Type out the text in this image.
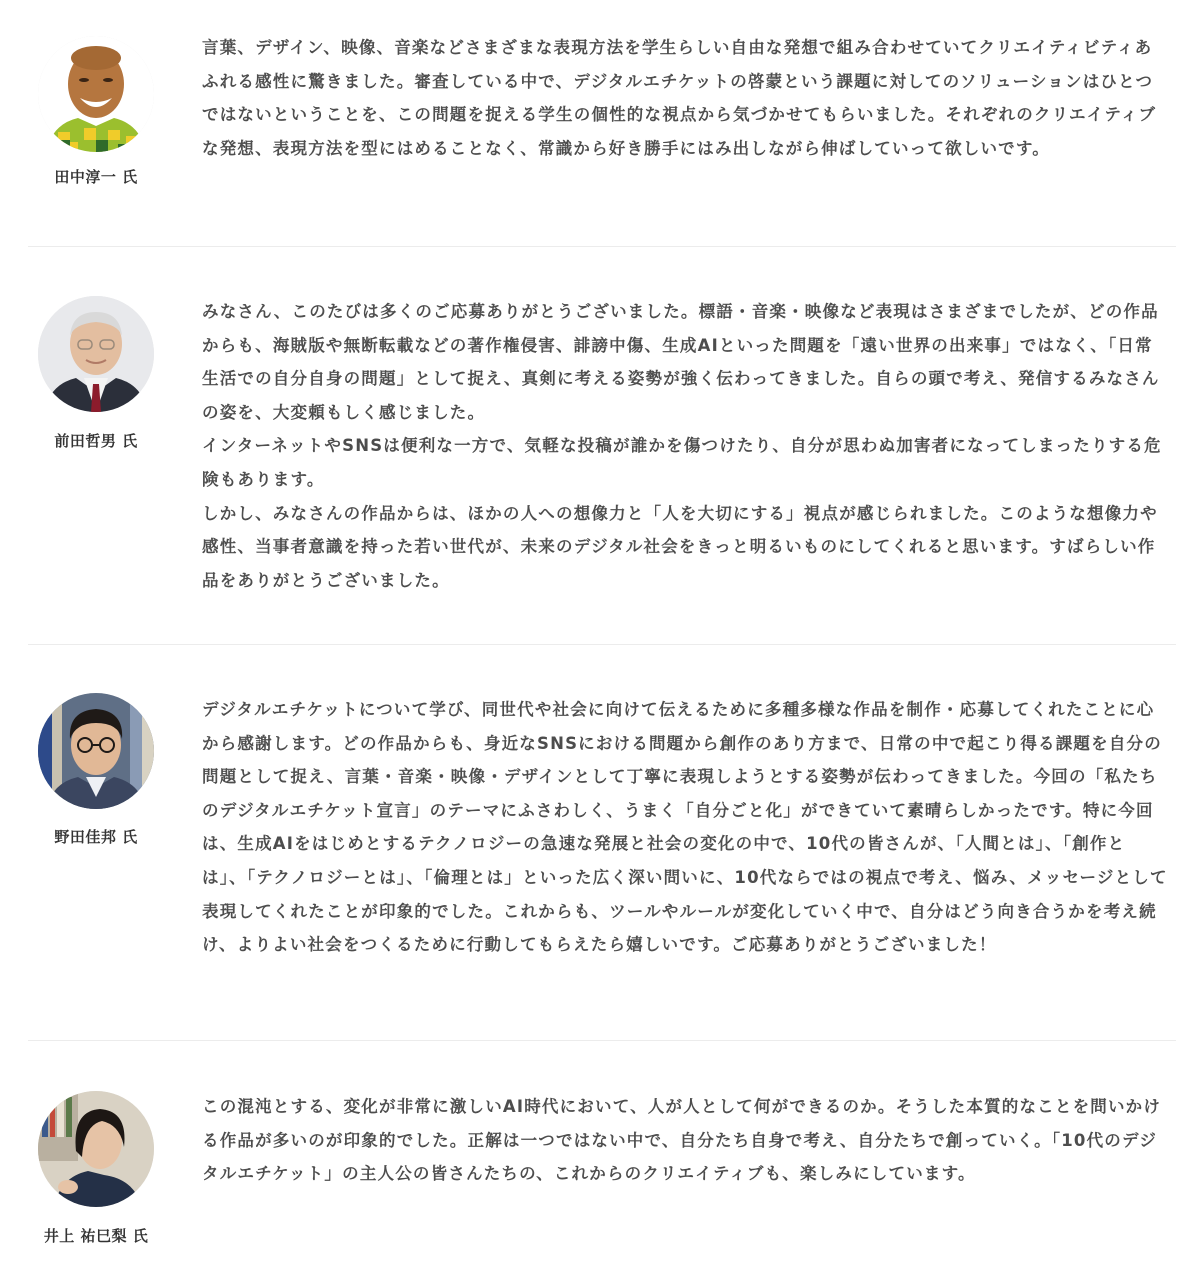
田中淳一 氏

言葉、デザイン、映像、音楽などさまざまな表現方法を学生らしい自由な発想で組み合わせていてクリエイティビティあふれる感性に驚きました。審査している中で、デジタルエチケットの啓蒙という課題に対してのソリューションはひとつではないということを、この問題を捉える学生の個性的な視点から気づかせてもらいました。それぞれのクリエイティブな発想、表現方法を型にはめることなく、常識から好き勝手にはみ出しながら伸ばしていって欲しいです。

前田哲男 氏

みなさん、このたびは多くのご応募ありがとうございました。標語・音楽・映像など表現はさまざまでしたが、どの作品からも、海賊版や無断転載などの著作権侵害、誹謗中傷、生成AIといった問題を「遠い世界の出来事」ではなく、「日常生活での自分自身の問題」として捉え、真剣に考える姿勢が強く伝わってきました。自らの頭で考え、発信するみなさんの姿を、大変頼もしく感じました。

インターネットやSNSは便利な一方で、気軽な投稿が誰かを傷つけたり、自分が思わぬ加害者になってしまったりする危険もあります。

しかし、みなさんの作品からは、ほかの人への想像力と「人を大切にする」視点が感じられました。このような想像力や感性、当事者意識を持った若い世代が、未来のデジタル社会をきっと明るいものにしてくれると思います。すばらしい作品をありがとうございました。

野田佳邦 氏

デジタルエチケットについて学び、同世代や社会に向けて伝えるために多種多様な作品を制作・応募してくれたことに心から感謝します。どの作品からも、身近なSNSにおける問題から創作のあり方まで、日常の中で起こり得る課題を自分の問題として捉え、言葉・音楽・映像・デザインとして丁寧に表現しようとする姿勢が伝わってきました。今回の「私たちのデジタルエチケット宣言」のテーマにふさわしく、うまく「自分ごと化」ができていて素晴らしかったです。特に今回は、生成AIをはじめとするテクノロジーの急速な発展と社会の変化の中で、10代の皆さんが、「人間とは」、「創作とは」、「テクノロジーとは」、「倫理とは」といった広く深い問いに、10代ならではの視点で考え、悩み、メッセージとして表現してくれたことが印象的でした。これからも、ツールやルールが変化していく中で、自分はどう向き合うかを考え続け、よりよい社会をつくるために行動してもらえたら嬉しいです。ご応募ありがとうございました！

井上 祐巳梨 氏

この混沌とする、変化が非常に激しいAI時代において、人が人として何ができるのか。そうした本質的なことを問いかける作品が多いのが印象的でした。正解は一つではない中で、自分たち自身で考え、自分たちで創っていく。「10代のデジタルエチケット」の主人公の皆さんたちの、これからのクリエイティブも、楽しみにしています。
